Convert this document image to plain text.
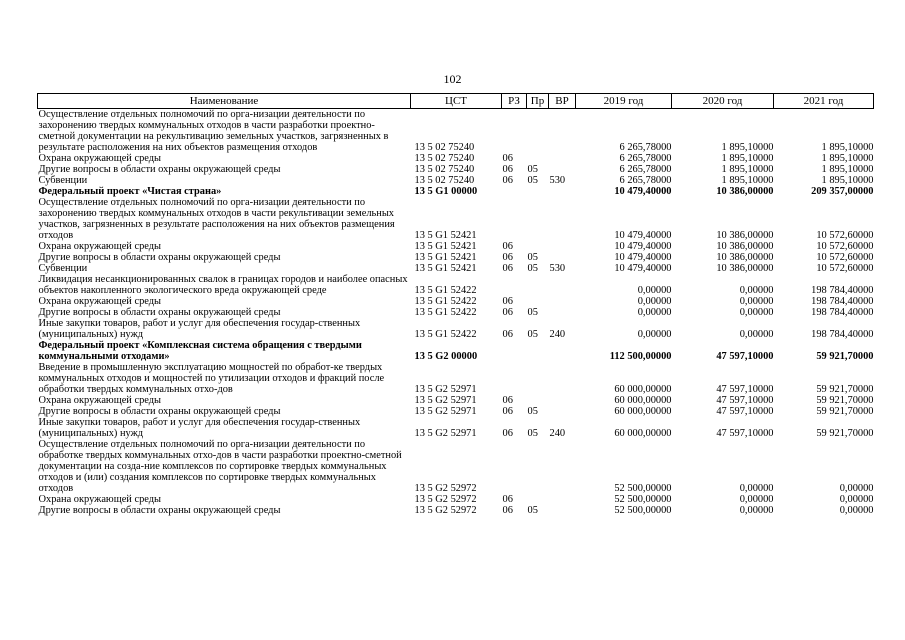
102
Наименование	ЦСТ	РЗ	Пр	ВР	2019 год	2020 год	2021 год
Осуществление отдельных полномочий по орга-низации деятельности по захоронению твердых коммунальных отходов в части разработки проектно-сметной документации на рекультивацию земельных участков, загрязненных в результате расположения на них объектов размещения отходов	13 5 02 75240				6 265,78000	1 895,10000	1 895,10000
Охрана окружающей среды	13 5 02 75240	06			6 265,78000	1 895,10000	1 895,10000
Другие вопросы в области охраны окружающей среды	13 5 02 75240	06	05		6 265,78000	1 895,10000	1 895,10000
Субвенции	13 5 02 75240	06	05	530	6 265,78000	1 895,10000	1 895,10000
Федеральный проект «Чистая страна»	13 5 G1 00000				10 479,40000	10 386,00000	209 357,00000
Осуществление отдельных полномочий по орга-низации деятельности по захоронению твердых коммунальных отходов в части рекультивации земельных участков, загрязненных в результате расположения на них объектов размещения отходов	13 5 G1 52421				10 479,40000	10 386,00000	10 572,60000
Охрана окружающей среды	13 5 G1 52421	06			10 479,40000	10 386,00000	10 572,60000
Другие вопросы в области охраны окружающей среды	13 5 G1 52421	06	05		10 479,40000	10 386,00000	10 572,60000
Субвенции	13 5 G1 52421	06	05	530	10 479,40000	10 386,00000	10 572,60000
Ликвидация несанкционированных свалок в границах городов и наиболее опасных объектов накопленного экологического вреда окружающей среде	13 5 G1 52422				0,00000	0,00000	198 784,40000
Охрана окружающей среды	13 5 G1 52422	06			0,00000	0,00000	198 784,40000
Другие вопросы в области охраны окружающей среды	13 5 G1 52422	06	05		0,00000	0,00000	198 784,40000
Иные закупки товаров, работ и услуг для обеспечения государ-ственных (муниципальных) нужд	13 5 G1 52422	06	05	240	0,00000	0,00000	198 784,40000
Федеральный проект «Комплексная система обращения с твердыми коммунальными отходами»	13 5 G2 00000				112 500,00000	47 597,10000	59 921,70000
Введение в промышленную эксплуатацию мощностей по обработ-ке твердых коммунальных отходов и мощностей по утилизации отходов и фракций после обработки твердых коммунальных отхо-дов	13 5 G2 52971				60 000,00000	47 597,10000	59 921,70000
Охрана окружающей среды	13 5 G2 52971	06			60 000,00000	47 597,10000	59 921,70000
Другие вопросы в области охраны окружающей среды	13 5 G2 52971	06	05		60 000,00000	47 597,10000	59 921,70000
Иные закупки товаров, работ и услуг для обеспечения государ-ственных (муниципальных) нужд	13 5 G2 52971	06	05	240	60 000,00000	47 597,10000	59 921,70000
Осуществление отдельных полномочий по орга-низации деятельности по обработке твердых коммунальных отхо-дов в части разработки проектно-сметной документации на созда-ние комплексов по сортировке твердых коммунальных отходов и (или) создания комплексов по сортировке твердых коммунальных отходов	13 5 G2 52972				52 500,00000	0,00000	0,00000
Охрана окружающей среды	13 5 G2 52972	06			52 500,00000	0,00000	0,00000
Другие вопросы в области охраны окружающей среды	13 5 G2 52972	06	05		52 500,00000	0,00000	0,00000
